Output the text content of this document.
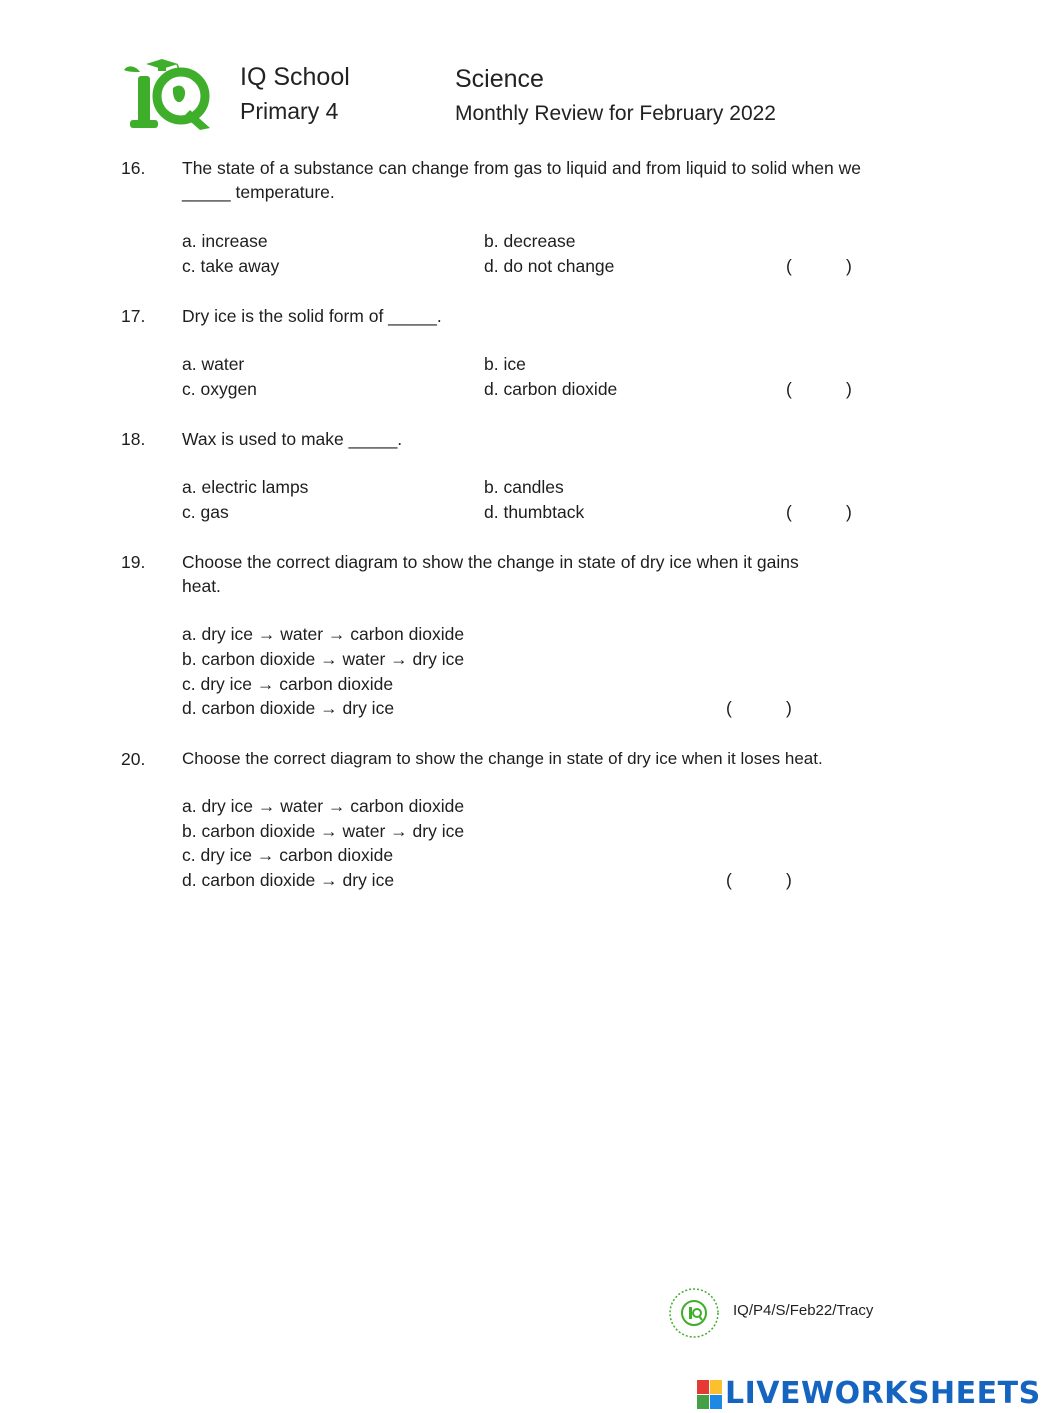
IQ School
Primary 4
Science
Monthly Review for February 2022
16. The state of a substance can change from gas to liquid and from liquid to solid when we _____ temperature.
a. increase	b. decrease
c. take away	d. do not change	(	)
17. Dry ice is the solid form of _____.
a. water	b. ice
c. oxygen	d. carbon dioxide	(	)
18. Wax is used to make _____.
a. electric lamps	b. candles
c. gas	d. thumbtack	(	)
19. Choose the correct diagram to show the change in state of dry ice when it gains heat.
a. dry ice → water → carbon dioxide
b. carbon dioxide → water → dry ice
c. dry ice → carbon dioxide
d. carbon dioxide → dry ice	(	)
20. Choose the correct diagram to show the change in state of dry ice when it loses heat.
a. dry ice → water → carbon dioxide
b. carbon dioxide → water → dry ice
c. dry ice → carbon dioxide
d. carbon dioxide → dry ice	(	)
IQ/P4/S/Feb22/Tracy
LIVEWORKSHEETS
